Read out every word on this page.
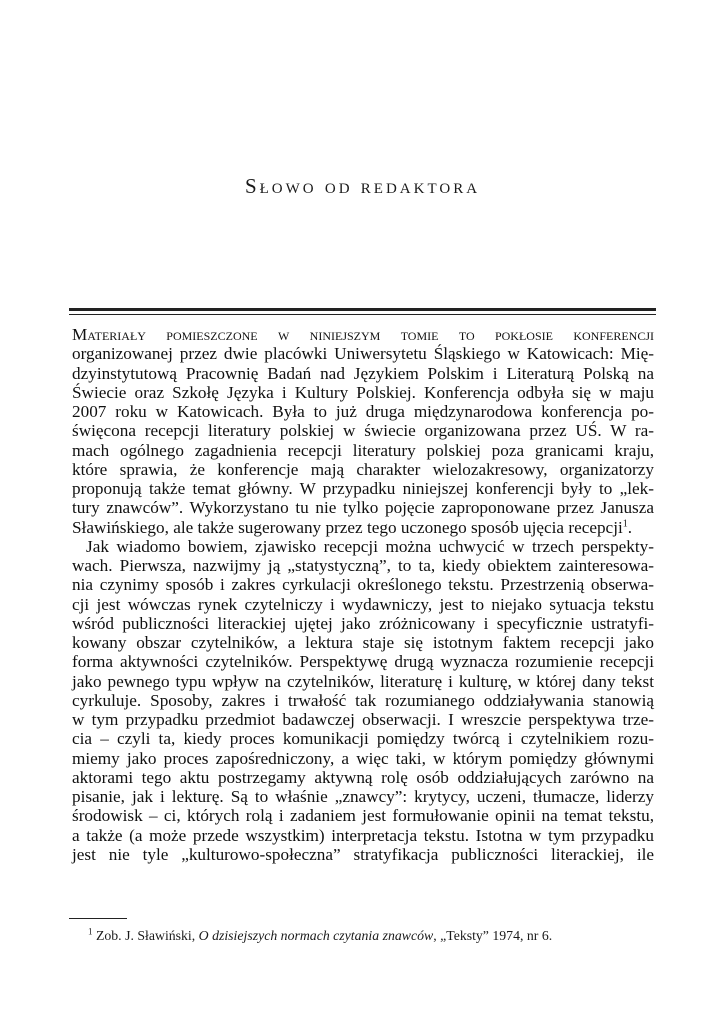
Słowo od redaktora
Materiały pomieszczone w niniejszym tomie to pokłosie konferencji
organizowanej przez dwie placówki Uniwersytetu Śląskiego w Katowicach: Mię-
dzyinstytutową Pracownię Badań nad Językiem Polskim i Literaturą Polską na
Świecie oraz Szkołę Języka i Kultury Polskiej. Konferencja odbyła się w maju
2007 roku w Katowicach. Była to już druga międzynarodowa konferencja po-
święcona recepcji literatury polskiej w świecie organizowana przez UŚ. W ra-
mach ogólnego zagadnienia recepcji literatury polskiej poza granicami kraju,
które sprawia, że konferencje mają charakter wielozakresowy, organizatorzy
proponują także temat główny. W przypadku niniejszej konferencji były to „lek-
tury znawców”. Wykorzystano tu nie tylko pojęcie zaproponowane przez Janusza
Sławińskiego, ale także sugerowany przez tego uczonego sposób ujęcia recepcji$^1$.
Jak wiadomo bowiem, zjawisko recepcji można uchwycić w trzech perspekty-
wach. Pierwsza, nazwijmy ją „statystyczną”, to ta, kiedy obiektem zainteresowa-
nia czynimy sposób i zakres cyrkulacji określonego tekstu. Przestrzenią obserwa-
cji jest wówczas rynek czytelniczy i wydawniczy, jest to niejako sytuacja tekstu
wśród publiczności literackiej ujętej jako zróżnicowany i specyficznie ustratyfi-
kowany obszar czytelników, a lektura staje się istotnym faktem recepcji jako
forma aktywności czytelników. Perspektywę drugą wyznacza rozumienie recepcji
jako pewnego typu wpływ na czytelników, literaturę i kulturę, w której dany tekst
cyrkuluje. Sposoby, zakres i trwałość tak rozumianego oddziaływania stanowią
w tym przypadku przedmiot badawczej obserwacji. I wreszcie perspektywa trze-
cia – czyli ta, kiedy proces komunikacji pomiędzy twórcą i czytelnikiem rozu-
miemy jako proces zapośredniczony, a więc taki, w którym pomiędzy głównymi
aktorami tego aktu postrzegamy aktywną rolę osób oddziałujących zarówno na
pisanie, jak i lekturę. Są to właśnie „znawcy”: krytycy, uczeni, tłumacze, liderzy
środowisk – ci, których rolą i zadaniem jest formułowanie opinii na temat tekstu,
a także (a może przede wszystkim) interpretacja tekstu. Istotna w tym przypadku
jest nie tyle „kulturowo-społeczna” stratyfikacja publiczności literackiej, ile
$^1$ Zob. J. Sławiński, O dzisiejszych normach czytania znawców, „Teksty” 1974, nr 6.
